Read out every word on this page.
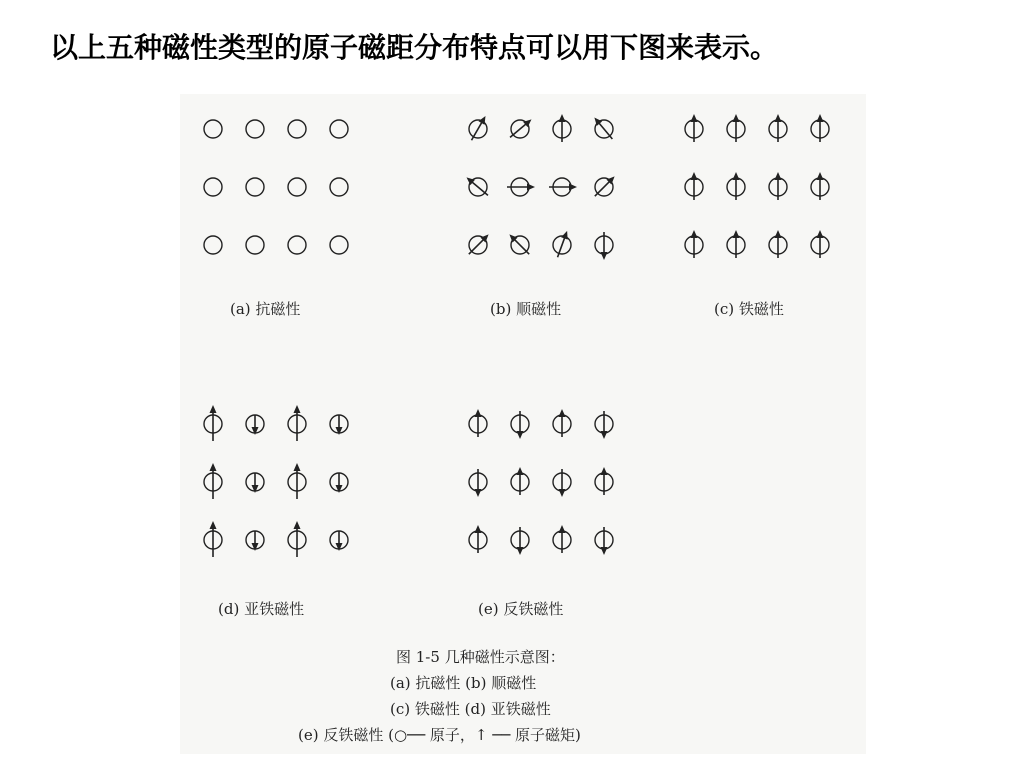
以上五种磁性类型的原子磁距分布特点可以用下图来表示。
(a) 抗磁性	(b) 顺磁性	(c) 铁磁性
(d) 亚铁磁性	(e) 反铁磁性
图 1-5 几种磁性示意图：
(a) 抗磁性 (b) 顺磁性
(c) 铁磁性 (d) 亚铁磁性
(e) 反铁磁性 (○── 原子，↑ ── 原子磁矩)
